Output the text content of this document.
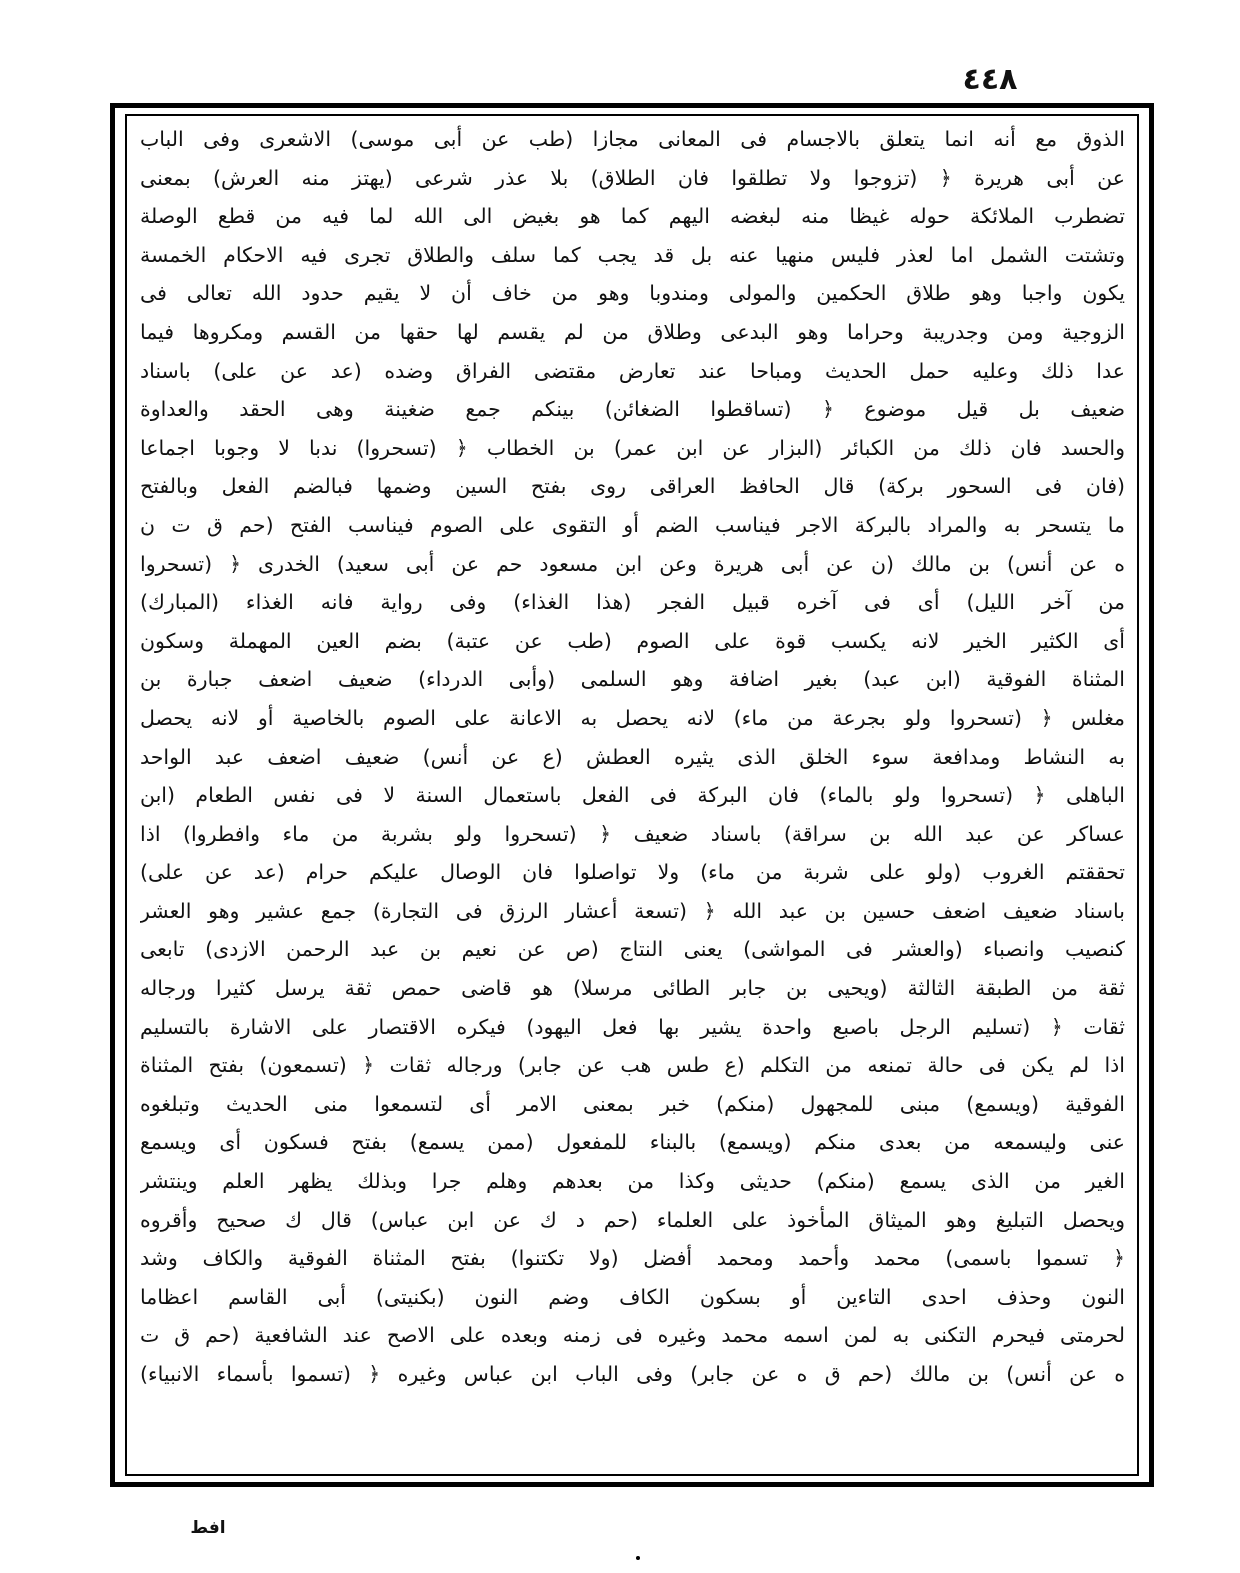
٤٤٨
الذوق مع أنه انما يتعلق بالاجسام فى المعانى مجازا (طب عن أبى موسى) الاشعرى وفى الباب
عن أبى هريرة ﴿ (تزوجوا ولا تطلقوا فان الطلاق) بلا عذر شرعى (يهتز منه العرش) بمعنى
تضطرب الملائكة حوله غيظا منه لبغضه اليهم كما هو بغيض الى الله لما فيه من قطع الوصلة
وتشتت الشمل اما لعذر فليس منهيا عنه بل قد يجب كما سلف والطلاق تجرى فيه الاحكام الخمسة
يكون واجبا وهو طلاق الحكمين والمولى ومندوبا وهو من خاف أن لا يقيم حدود الله تعالى فى
الزوجية ومن وجدريبة وحراما وهو البدعى وطلاق من لم يقسم لها حقها من القسم ومكروها فيما
عدا ذلك وعليه حمل الحديث ومباحا عند تعارض مقتضى الفراق وضده (عد عن على) باسناد
ضعيف بل قيل موضوع ﴿ (تساقطوا الضغائن) بينكم جمع ضغينة وهى الحقد والعداوة
والحسد فان ذلك من الكبائر (البزار عن ابن عمر) بن الخطاب ﴿ (تسحروا) ندبا لا وجوبا اجماعا
(فان فى السحور بركة) قال الحافظ العراقى روى بفتح السين وضمها فبالضم الفعل وبالفتح
ما يتسحر به والمراد بالبركة الاجر فيناسب الضم أو التقوى على الصوم فيناسب الفتح (حم ق ت ن
ه عن أنس) بن مالك (ن عن أبى هريرة وعن ابن مسعود حم عن أبى سعيد) الخدرى ﴿ (تسحروا
من آخر الليل) أى فى آخره قبيل الفجر (هذا الغذاء) وفى رواية فانه الغذاء (المبارك)
أى الكثير الخير لانه يكسب قوة على الصوم (طب عن عتبة) بضم العين المهملة وسكون
المثناة الفوقية (ابن عبد) بغير اضافة وهو السلمى (وأبى الدرداء) ضعيف اضعف جبارة بن
مغلس ﴿ (تسحروا ولو بجرعة من ماء) لانه يحصل به الاعانة على الصوم بالخاصية أو لانه يحصل
به النشاط ومدافعة سوء الخلق الذى يثيره العطش (ع عن أنس) ضعيف اضعف عبد الواحد
الباهلى ﴿ (تسحروا ولو بالماء) فان البركة فى الفعل باستعمال السنة لا فى نفس الطعام (ابن
عساكر عن عبد الله بن سراقة) باسناد ضعيف ﴿ (تسحروا ولو بشربة من ماء وافطروا) اذا
تحققتم الغروب (ولو على شربة من ماء) ولا تواصلوا فان الوصال عليكم حرام (عد عن على)
باسناد ضعيف اضعف حسين بن عبد الله ﴿ (تسعة أعشار الرزق فى التجارة) جمع عشير وهو العشر
كنصيب وانصباء (والعشر فى المواشى) يعنى النتاج (ص عن نعيم بن عبد الرحمن الازدى) تابعى
ثقة من الطبقة الثالثة (ويحيى بن جابر الطائى مرسلا) هو قاضى حمص ثقة يرسل كثيرا ورجاله
ثقات ﴿ (تسليم الرجل باصبع واحدة يشير بها فعل اليهود) فيكره الاقتصار على الاشارة بالتسليم
اذا لم يكن فى حالة تمنعه من التكلم (ع طس هب عن جابر) ورجاله ثقات ﴿ (تسمعون) بفتح المثناة
الفوقية (ويسمع) مبنى للمجهول (منكم) خبر بمعنى الامر أى لتسمعوا منى الحديث وتبلغوه
عنى وليسمعه من بعدى منكم (ويسمع) بالبناء للمفعول (ممن يسمع) بفتح فسكون أى ويسمع
الغير من الذى يسمع (منكم) حديثى وكذا من بعدهم وهلم جرا وبذلك يظهر العلم وينتشر
ويحصل التبليغ وهو الميثاق المأخوذ على العلماء (حم د ك عن ابن عباس) قال ك صحيح وأقروه
﴿ تسموا باسمى) محمد وأحمد ومحمد أفضل (ولا تكتنوا) بفتح المثناة الفوقية والكاف وشد
النون وحذف احدى التاءين أو بسكون الكاف وضم النون (بكنيتى) أبى القاسم اعظاما
لحرمتى فيحرم التكنى به لمن اسمه محمد وغيره فى زمنه وبعده على الاصح عند الشافعية (حم ق ت
ه عن أنس) بن مالك (حم ق ه عن جابر) وفى الباب ابن عباس وغيره ﴿ (تسموا بأسماء الانبياء)
افط
